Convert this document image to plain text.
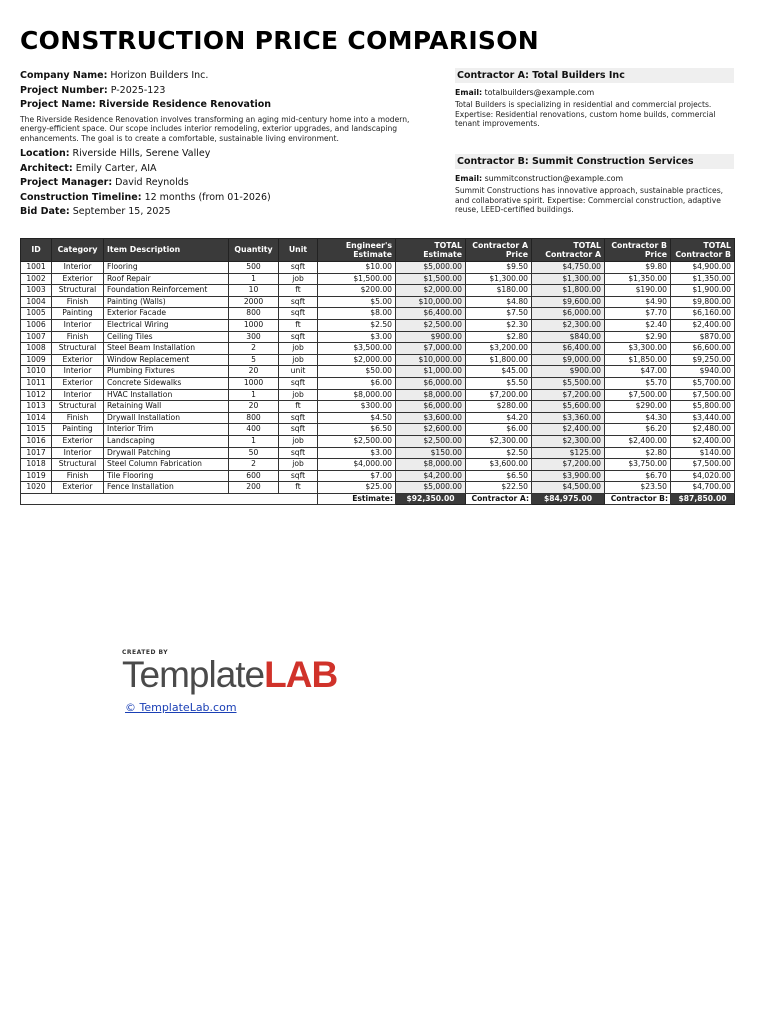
CONSTRUCTION PRICE COMPARISON
Company Name: Horizon Builders Inc.
Project Number: P-2025-123
Project Name: Riverside Residence Renovation
The Riverside Residence Renovation involves transforming an aging mid-century home into a modern, energy-efficient space. Our scope includes interior remodeling, exterior upgrades, and landscaping enhancements. The goal is to create a comfortable, sustainable living environment.
Location: Riverside Hills, Serene Valley
Architect: Emily Carter, AIA
Project Manager: David Reynolds
Construction Timeline: 12 months (from 01-2026)
Bid Date: September 15, 2025
Contractor A: Total Builders Inc
Email: totalbuilders@example.com
Total Builders is specializing in residential and commercial projects. Expertise: Residential renovations, custom home builds, commercial tenant improvements.
Contractor B: Summit Construction Services
Email: summitconstruction@example.com
Summit Constructions has innovative approach, sustainable practices, and collaborative spirit. Expertise: Commercial construction, adaptive reuse, LEED-certified buildings.
ID	Category	Item Description	Quantity	Unit	Engineer's Estimate	TOTAL Estimate	Contractor A Price	TOTAL Contractor A	Contractor B Price	TOTAL Contractor B
1001	Interior	Flooring	500	sqft	$10.00	$5,000.00	$9.50	$4,750.00	$9.80	$4,900.00
1002	Exterior	Roof Repair	1	job	$1,500.00	$1,500.00	$1,300.00	$1,300.00	$1,350.00	$1,350.00
1003	Structural	Foundation Reinforcement	10	ft	$200.00	$2,000.00	$180.00	$1,800.00	$190.00	$1,900.00
1004	Finish	Painting (Walls)	2000	sqft	$5.00	$10,000.00	$4.80	$9,600.00	$4.90	$9,800.00
1005	Painting	Exterior Facade	800	sqft	$8.00	$6,400.00	$7.50	$6,000.00	$7.70	$6,160.00
1006	Interior	Electrical Wiring	1000	ft	$2.50	$2,500.00	$2.30	$2,300.00	$2.40	$2,400.00
1007	Finish	Ceiling Tiles	300	sqft	$3.00	$900.00	$2.80	$840.00	$2.90	$870.00
1008	Structural	Steel Beam Installation	2	job	$3,500.00	$7,000.00	$3,200.00	$6,400.00	$3,300.00	$6,600.00
1009	Exterior	Window Replacement	5	job	$2,000.00	$10,000.00	$1,800.00	$9,000.00	$1,850.00	$9,250.00
1010	Interior	Plumbing Fixtures	20	unit	$50.00	$1,000.00	$45.00	$900.00	$47.00	$940.00
1011	Exterior	Concrete Sidewalks	1000	sqft	$6.00	$6,000.00	$5.50	$5,500.00	$5.70	$5,700.00
1012	Interior	HVAC Installation	1	job	$8,000.00	$8,000.00	$7,200.00	$7,200.00	$7,500.00	$7,500.00
1013	Structural	Retaining Wall	20	ft	$300.00	$6,000.00	$280.00	$5,600.00	$290.00	$5,800.00
1014	Finish	Drywall Installation	800	sqft	$4.50	$3,600.00	$4.20	$3,360.00	$4.30	$3,440.00
1015	Painting	Interior Trim	400	sqft	$6.50	$2,600.00	$6.00	$2,400.00	$6.20	$2,480.00
1016	Exterior	Landscaping	1	job	$2,500.00	$2,500.00	$2,300.00	$2,300.00	$2,400.00	$2,400.00
1017	Interior	Drywall Patching	50	sqft	$3.00	$150.00	$2.50	$125.00	$2.80	$140.00
1018	Structural	Steel Column Fabrication	2	job	$4,000.00	$8,000.00	$3,600.00	$7,200.00	$3,750.00	$7,500.00
1019	Finish	Tile Flooring	600	sqft	$7.00	$4,200.00	$6.50	$3,900.00	$6.70	$4,020.00
1020	Exterior	Fence Installation	200	ft	$25.00	$5,000.00	$22.50	$4,500.00	$23.50	$4,700.00
					Estimate:	$92,350.00	Contractor A:	$84,975.00	Contractor B:	$87,850.00
CREATED BY
TemplateLAB
© TemplateLab.com
